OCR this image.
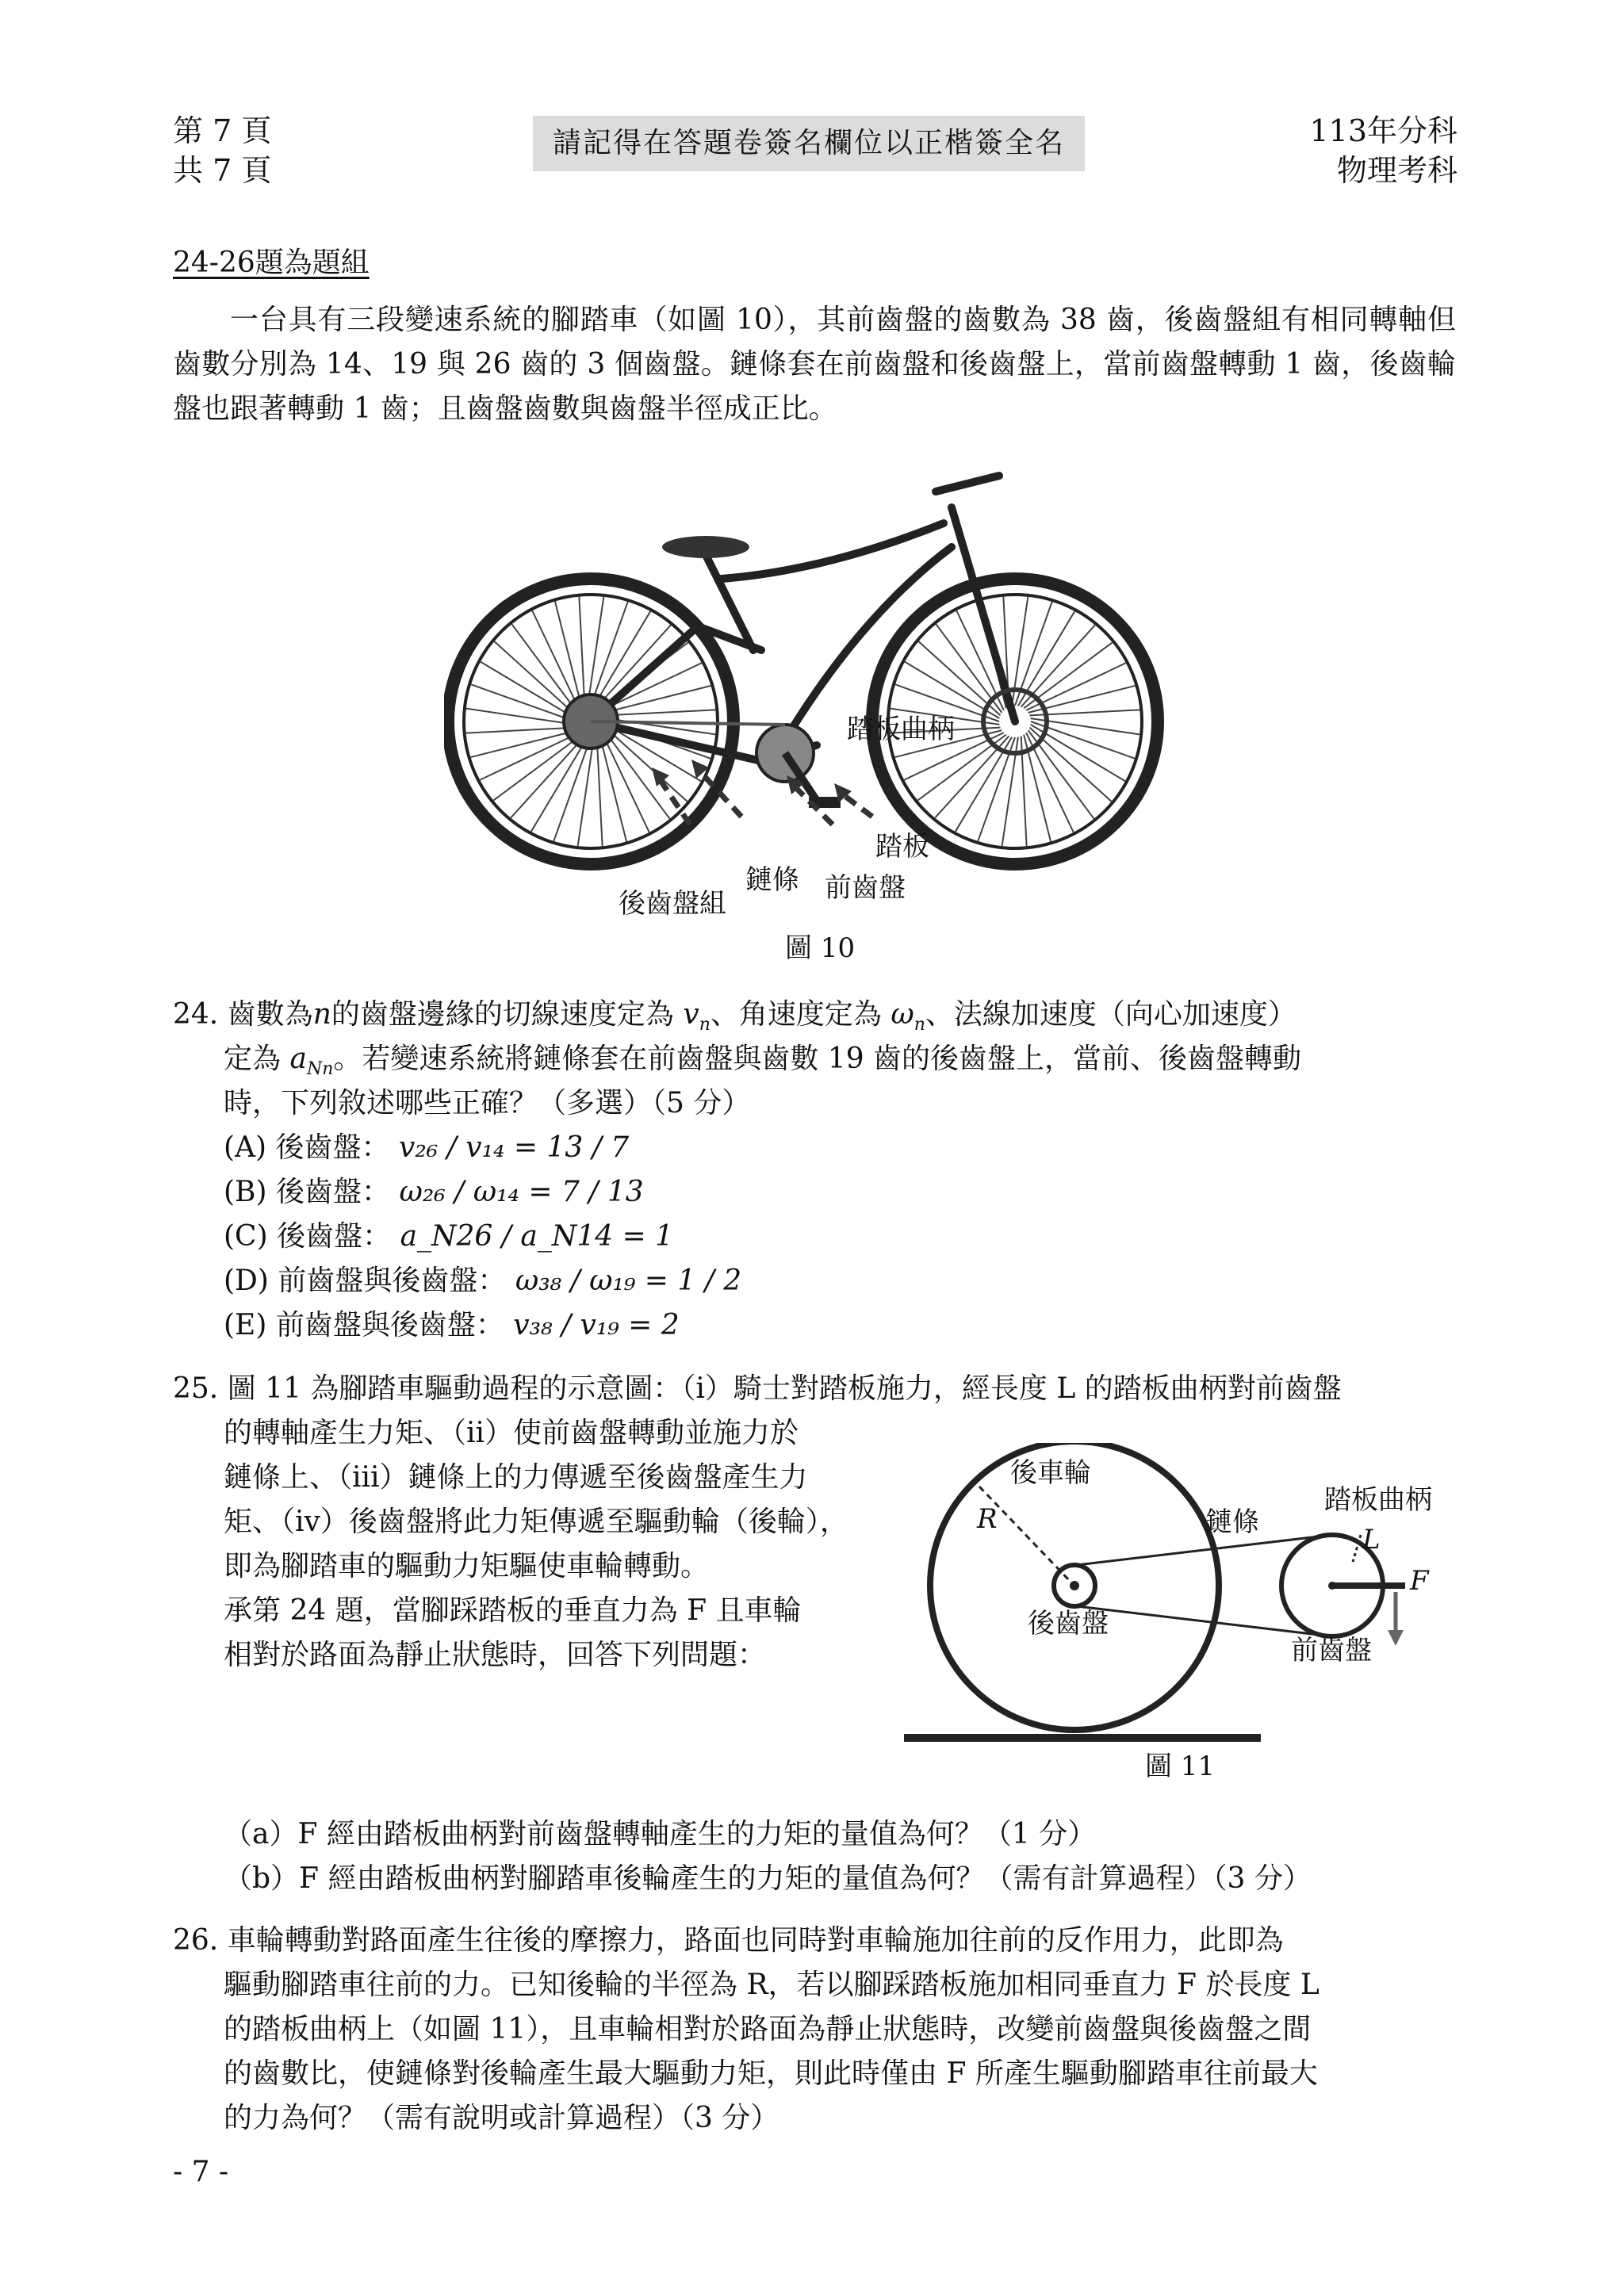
第 7 頁
共 7 頁
請記得在答題卷簽名欄位以正楷簽全名	113年分科
物理考科
24-26題為題組
一台具有三段變速系統的腳踏車（如圖 10），其前齒盤的齒數為 38 齒，後齒盤組有相同轉軸但齒數分別為 14、19 與 26 齒的 3 個齒盤。鏈條套在前齒盤和後齒盤上，當前齒盤轉動 1 齒，後齒輪盤也跟著轉動 1 齒；且齒盤齒數與齒盤半徑成正比。
踏板曲柄
踏板
前齒盤
鏈條
後齒盤組
圖 10
24. 齒數為n的齒盤邊緣的切線速度定為 $v_n$、角速度定為 $\omega_n$、法線加速度（向心加速度）
定為 $a_{Nn}$。若變速系統將鏈條套在前齒盤與齒數 19 齒的後齒盤上，當前、後齒盤轉動
時，下列敘述哪些正確？（多選）（5 分）
(A) 後齒盤： v₂₆ / v₁₄ = 13 / 7
(B) 後齒盤： ω₂₆ / ω₁₄ = 7 / 13
(C) 後齒盤： a_N26 / a_N14 = 1
(D) 前齒盤與後齒盤： ω₃₈ / ω₁₉ = 1 / 2
(E) 前齒盤與後齒盤： v₃₈ / v₁₉ = 2
25. 圖 11 為腳踏車驅動過程的示意圖：（ⅰ）騎士對踏板施力，經長度 L 的踏板曲柄對前齒盤
的轉軸產生力矩、（ⅱ）使前齒盤轉動並施力於
鏈條上、（ⅲ）鏈條上的力傳遞至後齒盤產生力
矩、（ⅳ）後齒盤將此力矩傳遞至驅動輪（後輪），
即為腳踏車的驅動力矩驅使車輪轉動。
承第 24 題，當腳踩踏板的垂直力為 F 且車輪
相對於路面為靜止狀態時，回答下列問題：
後車輪
R	鏈條
踏板曲柄
L
F
後齒盤
前齒盤
圖 11
（a）F 經由踏板曲柄對前齒盤轉軸產生的力矩的量值為何？（1 分）
（b）F 經由踏板曲柄對腳踏車後輪產生的力矩的量值為何？（需有計算過程）（3 分）
26. 車輪轉動對路面產生往後的摩擦力，路面也同時對車輪施加往前的反作用力，此即為
驅動腳踏車往前的力。已知後輪的半徑為 R，若以腳踩踏板施加相同垂直力 F 於長度 L
的踏板曲柄上（如圖 11），且車輪相對於路面為靜止狀態時，改變前齒盤與後齒盤之間
的齒數比，使鏈條對後輪產生最大驅動力矩，則此時僅由 F 所產生驅動腳踏車往前最大
的力為何？（需有說明或計算過程）（3 分）
- 7 -
